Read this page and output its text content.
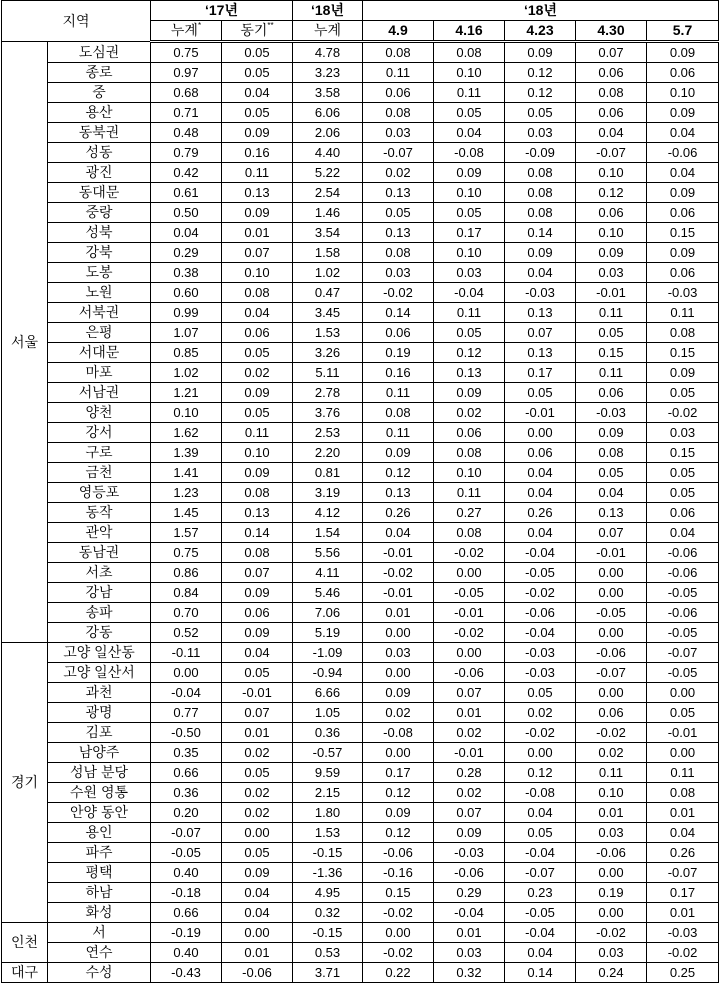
지역		‘17년		‘18년	‘18년				
		누계*	동기**	누계	4.9	4.16	4.23	4.30	5.7
서울	도심권	0.75	0.05	4.78	0.08	0.08	0.09	0.07	0.09
	종로	0.97	0.05	3.23	0.11	0.10	0.12	0.06	0.06
	중	0.68	0.04	3.58	0.06	0.11	0.12	0.08	0.10
	용산	0.71	0.05	6.06	0.08	0.05	0.05	0.06	0.09
	동북권	0.48	0.09	2.06	0.03	0.04	0.03	0.04	0.04
	성동	0.79	0.16	4.40	-0.07	-0.08	-0.09	-0.07	-0.06
	광진	0.42	0.11	5.22	0.02	0.09	0.08	0.10	0.04
	동대문	0.61	0.13	2.54	0.13	0.10	0.08	0.12	0.09
	중랑	0.50	0.09	1.46	0.05	0.05	0.08	0.06	0.06
	성북	0.04	0.01	3.54	0.13	0.17	0.14	0.10	0.15
	강북	0.29	0.07	1.58	0.08	0.10	0.09	0.09	0.09
	도봉	0.38	0.10	1.02	0.03	0.03	0.04	0.03	0.06
	노원	0.60	0.08	0.47	-0.02	-0.04	-0.03	-0.01	-0.03
	서북권	0.99	0.04	3.45	0.14	0.11	0.13	0.11	0.11
	은평	1.07	0.06	1.53	0.06	0.05	0.07	0.05	0.08
	서대문	0.85	0.05	3.26	0.19	0.12	0.13	0.15	0.15
	마포	1.02	0.02	5.11	0.16	0.13	0.17	0.11	0.09
	서남권	1.21	0.09	2.78	0.11	0.09	0.05	0.06	0.05
	양천	0.10	0.05	3.76	0.08	0.02	-0.01	-0.03	-0.02
	강서	1.62	0.11	2.53	0.11	0.06	0.00	0.09	0.03
	구로	1.39	0.10	2.20	0.09	0.08	0.06	0.08	0.15
	금천	1.41	0.09	0.81	0.12	0.10	0.04	0.05	0.05
	영등포	1.23	0.08	3.19	0.13	0.11	0.04	0.04	0.05
	동작	1.45	0.13	4.12	0.26	0.27	0.26	0.13	0.06
	관악	1.57	0.14	1.54	0.04	0.08	0.04	0.07	0.04
	동남권	0.75	0.08	5.56	-0.01	-0.02	-0.04	-0.01	-0.06
	서초	0.86	0.07	4.11	-0.02	0.00	-0.05	0.00	-0.06
	강남	0.84	0.09	5.46	-0.01	-0.05	-0.02	0.00	-0.05
	송파	0.70	0.06	7.06	0.01	-0.01	-0.06	-0.05	-0.06
	강동	0.52	0.09	5.19	0.00	-0.02	-0.04	0.00	-0.05
경기	고양 일산동	-0.11	0.04	-1.09	0.03	0.00	-0.03	-0.06	-0.07
	고양 일산서	0.00	0.05	-0.94	0.00	-0.06	-0.03	-0.07	-0.05
	과천	-0.04	-0.01	6.66	0.09	0.07	0.05	0.00	0.00
	광명	0.77	0.07	1.05	0.02	0.01	0.02	0.06	0.05
	김포	-0.50	0.01	0.36	-0.08	0.02	-0.02	-0.02	-0.01
	남양주	0.35	0.02	-0.57	0.00	-0.01	0.00	0.02	0.00
	성남 분당	0.66	0.05	9.59	0.17	0.28	0.12	0.11	0.11
	수원 영통	0.36	0.02	2.15	0.12	0.02	-0.08	0.10	0.08
	안양 동안	0.20	0.02	1.80	0.09	0.07	0.04	0.01	0.01
	용인	-0.07	0.00	1.53	0.12	0.09	0.05	0.03	0.04
	파주	-0.05	0.05	-0.15	-0.06	-0.03	-0.04	-0.06	0.26
	평택	0.40	0.09	-1.36	-0.16	-0.06	-0.07	0.00	-0.07
	하남	-0.18	0.04	4.95	0.15	0.29	0.23	0.19	0.17
	화성	0.66	0.04	0.32	-0.02	-0.04	-0.05	0.00	0.01
인천	서	-0.19	0.00	-0.15	0.00	0.01	-0.04	-0.02	-0.03
	연수	0.40	0.01	0.53	-0.02	0.03	0.04	0.03	-0.02
대구	수성	-0.43	-0.06	3.71	0.22	0.32	0.14	0.24	0.25
